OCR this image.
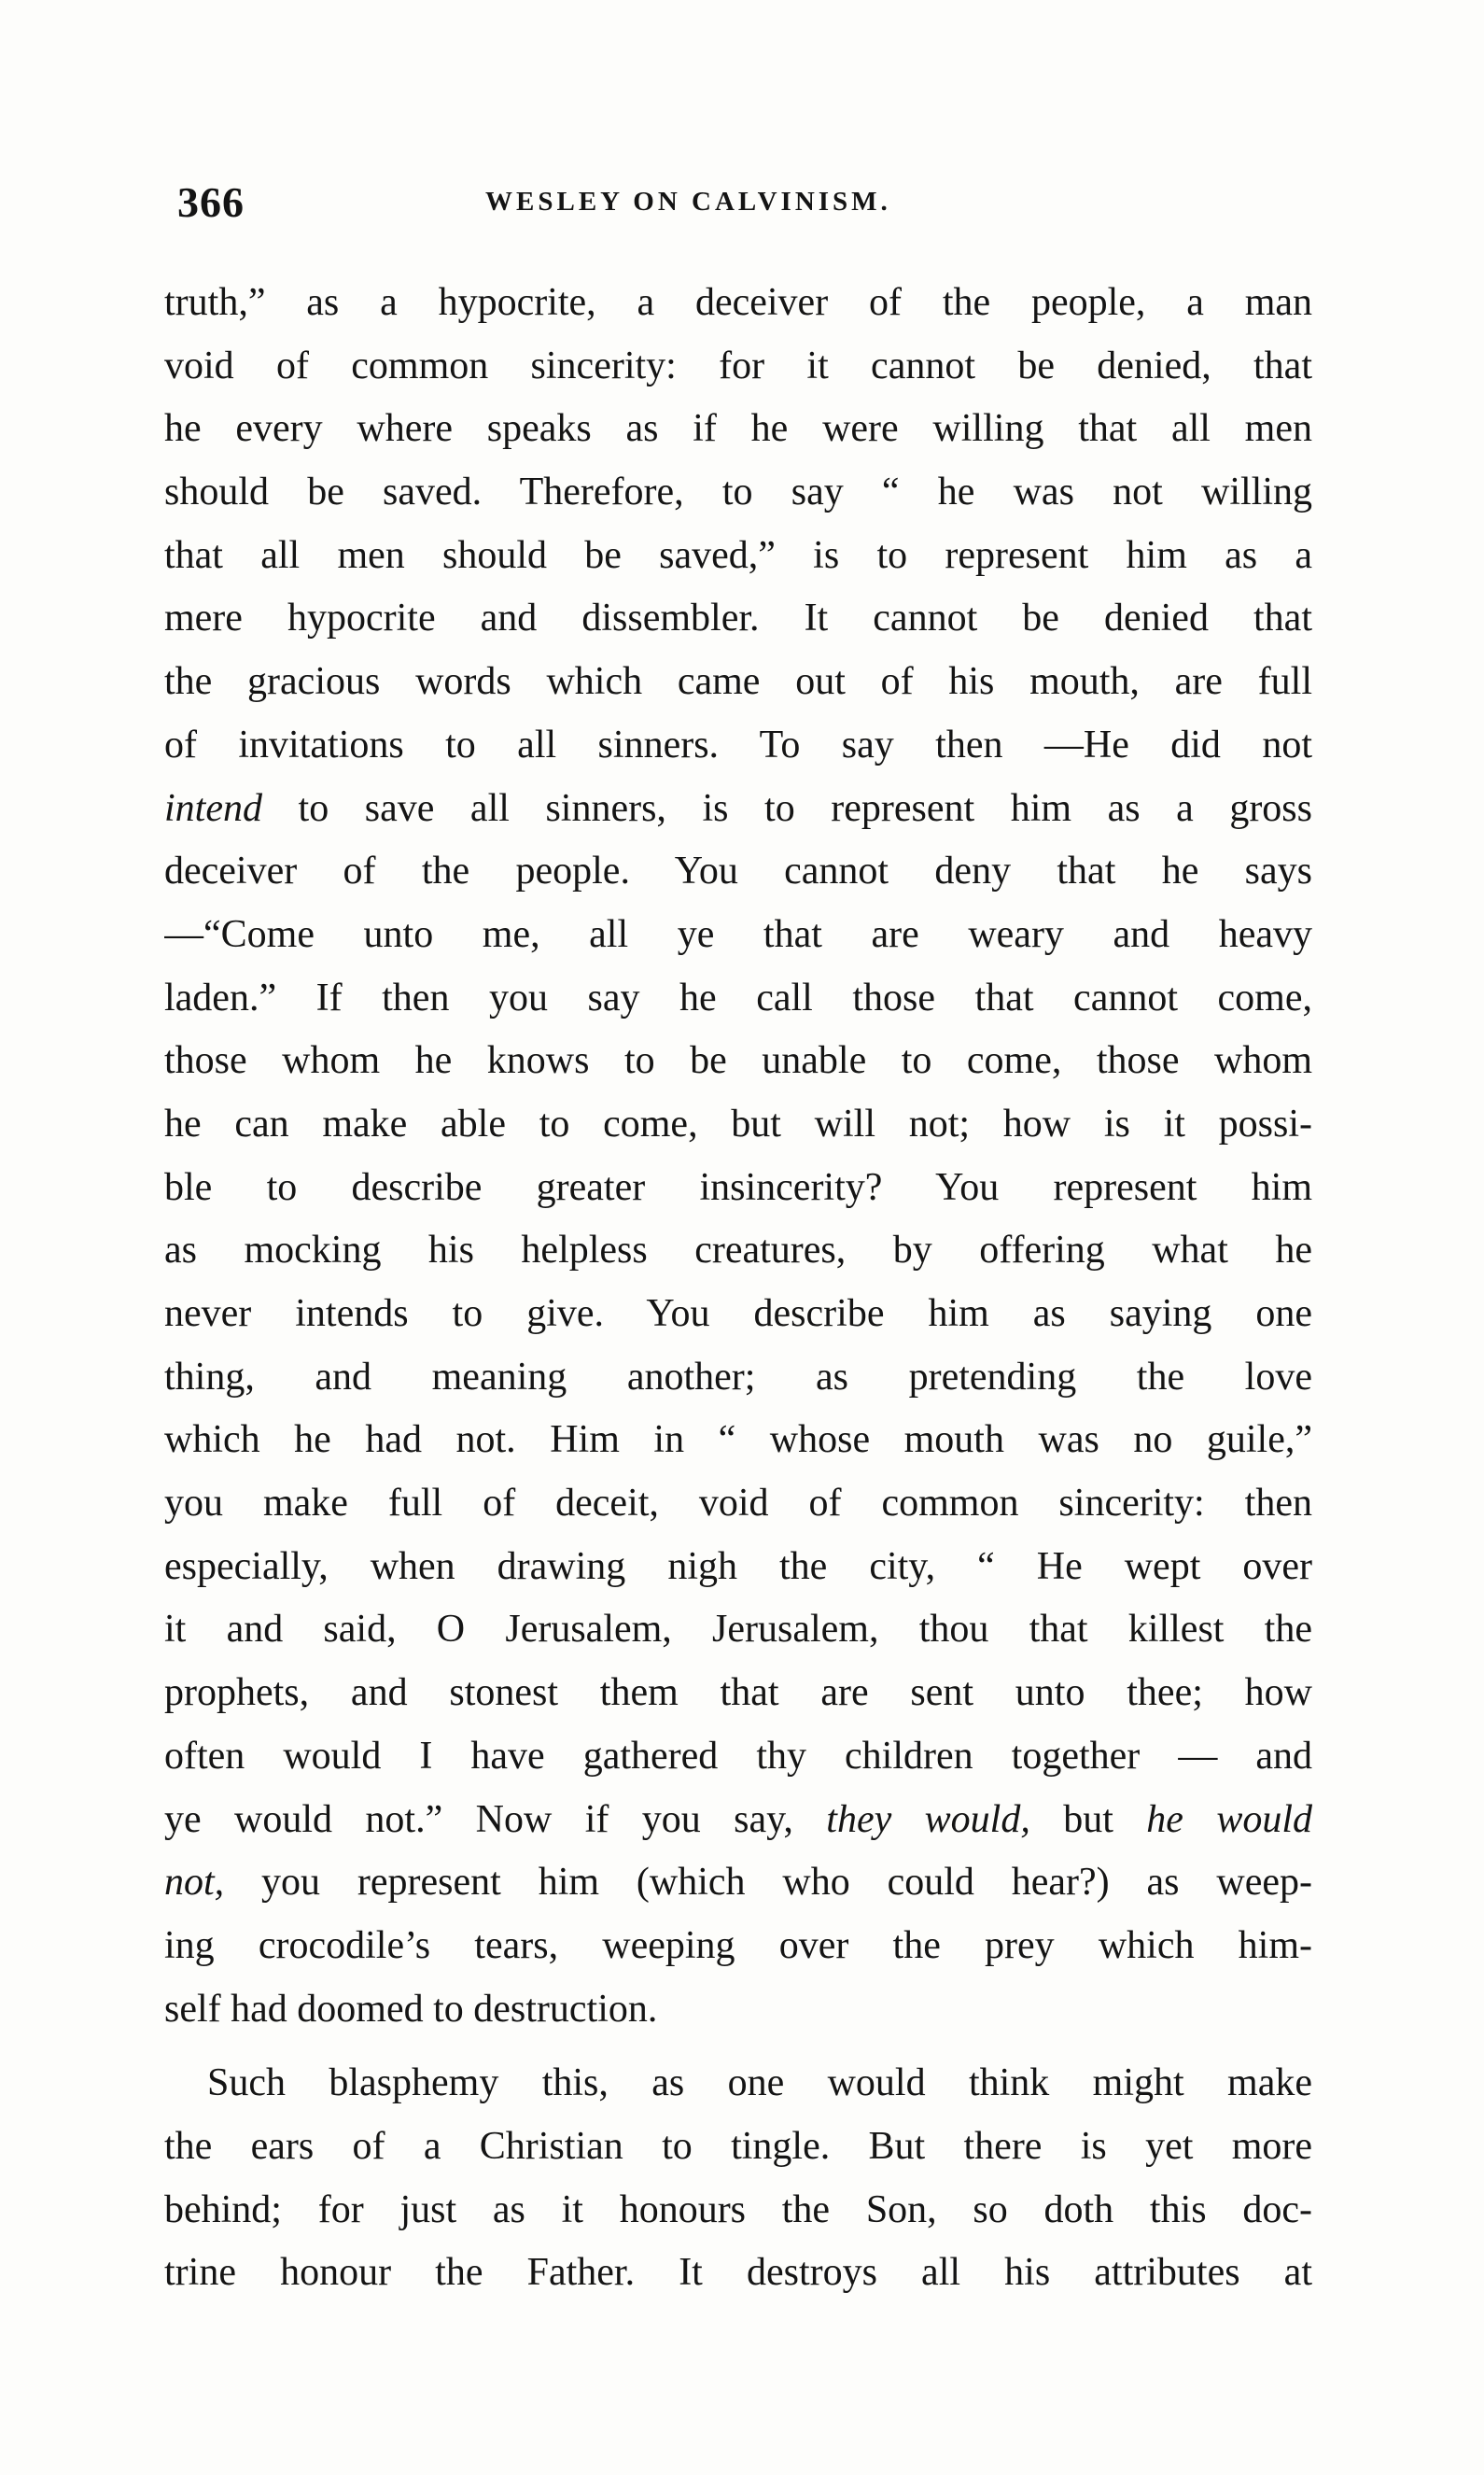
366	WESLEY ON CALVINISM.
truth,” as a hypocrite, a deceiver of the people, a man
void of common sincerity: for it cannot be denied, that
he every where speaks as if he were willing that all men
should be saved. Therefore, to say “ he was not willing
that all men should be saved,” is to represent him as a
mere hypocrite and dissembler. It cannot be denied that
the gracious words which came out of his mouth, are full
of invitations to all sinners. To say then —He did not
intend to save all sinners, is to represent him as a gross
deceiver of the people. You cannot deny that he says
—“Come unto me, all ye that are weary and heavy
laden.” If then you say he call those that cannot come,
those whom he knows to be unable to come, those whom
he can make able to come, but will not; how is it possi-
ble to describe greater insincerity? You represent him
as mocking his helpless creatures, by offering what he
never intends to give. You describe him as saying one
thing, and meaning another; as pretending the love
which he had not. Him in “ whose mouth was no guile,”
you make full of deceit, void of common sincerity: then
especially, when drawing nigh the city, “ He wept over
it and said, O Jerusalem, Jerusalem, thou that killest the
prophets, and stonest them that are sent unto thee; how
often would I have gathered thy children together — and
ye would not.” Now if you say, they would, but he would
not, you represent him (which who could hear?) as weep-
ing crocodile’s tears, weeping over the prey which him-
self had doomed to destruction.
Such blasphemy this, as one would think might make
the ears of a Christian to tingle. But there is yet more
behind; for just as it honours the Son, so doth this doc-
trine honour the Father. It destroys all his attributes at
